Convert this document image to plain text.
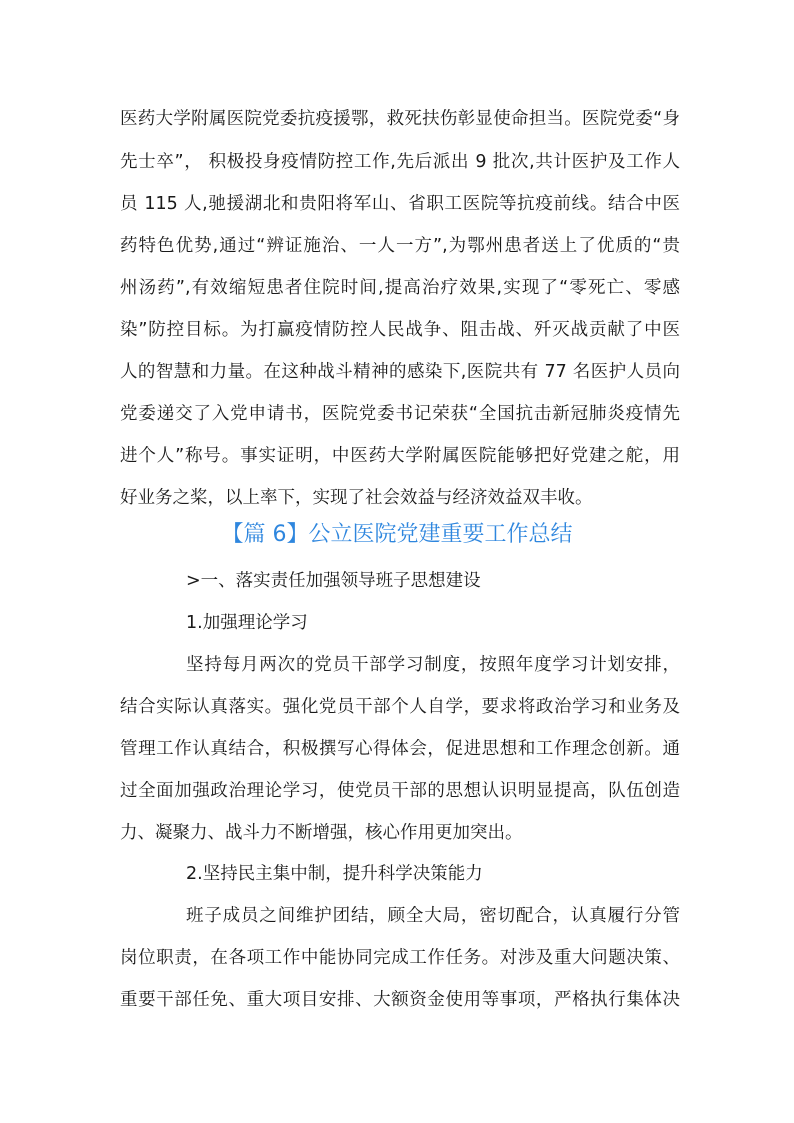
医药大学附属医院党委抗疫援鄂，救死扶伤彰显使命担当。医院党委“身
先士卒”， 积极投身疫情防控工作,先后派出 9 批次,共计医护及工作人
员 115 人,驰援湖北和贵阳将军山、省职工医院等抗疫前线。结合中医
药特色优势,通过“辨证施治、一人一方”,为鄂州患者送上了优质的“贵
州汤药”,有效缩短患者住院时间,提高治疗效果,实现了“零死亡、零感
染”防控目标。为打赢疫情防控人民战争、阻击战、歼灭战贡献了中医
人的智慧和力量。在这种战斗精神的感染下,医院共有 77 名医护人员向
党委递交了入党申请书，医院党委书记荣获“全国抗击新冠肺炎疫情先
进个人”称号。事实证明，中医药大学附属医院能够把好党建之舵，用
好业务之桨，以上率下，实现了社会效益与经济效益双丰收。
【篇 6】公立医院党建重要工作总结
>一、落实责任加强领导班子思想建设
1.加强理论学习
坚持每月两次的党员干部学习制度，按照年度学习计划安排，
结合实际认真落实。强化党员干部个人自学，要求将政治学习和业务及
管理工作认真结合，积极撰写心得体会，促进思想和工作理念创新。通
过全面加强政治理论学习，使党员干部的思想认识明显提高，队伍创造
力、凝聚力、战斗力不断增强，核心作用更加突出。
2.坚持民主集中制，提升科学决策能力
班子成员之间维护团结，顾全大局，密切配合，认真履行分管
岗位职责，在各项工作中能协同完成工作任务。对涉及重大问题决策、
重要干部任免、重大项目安排、大额资金使用等事项，严格执行集体决
